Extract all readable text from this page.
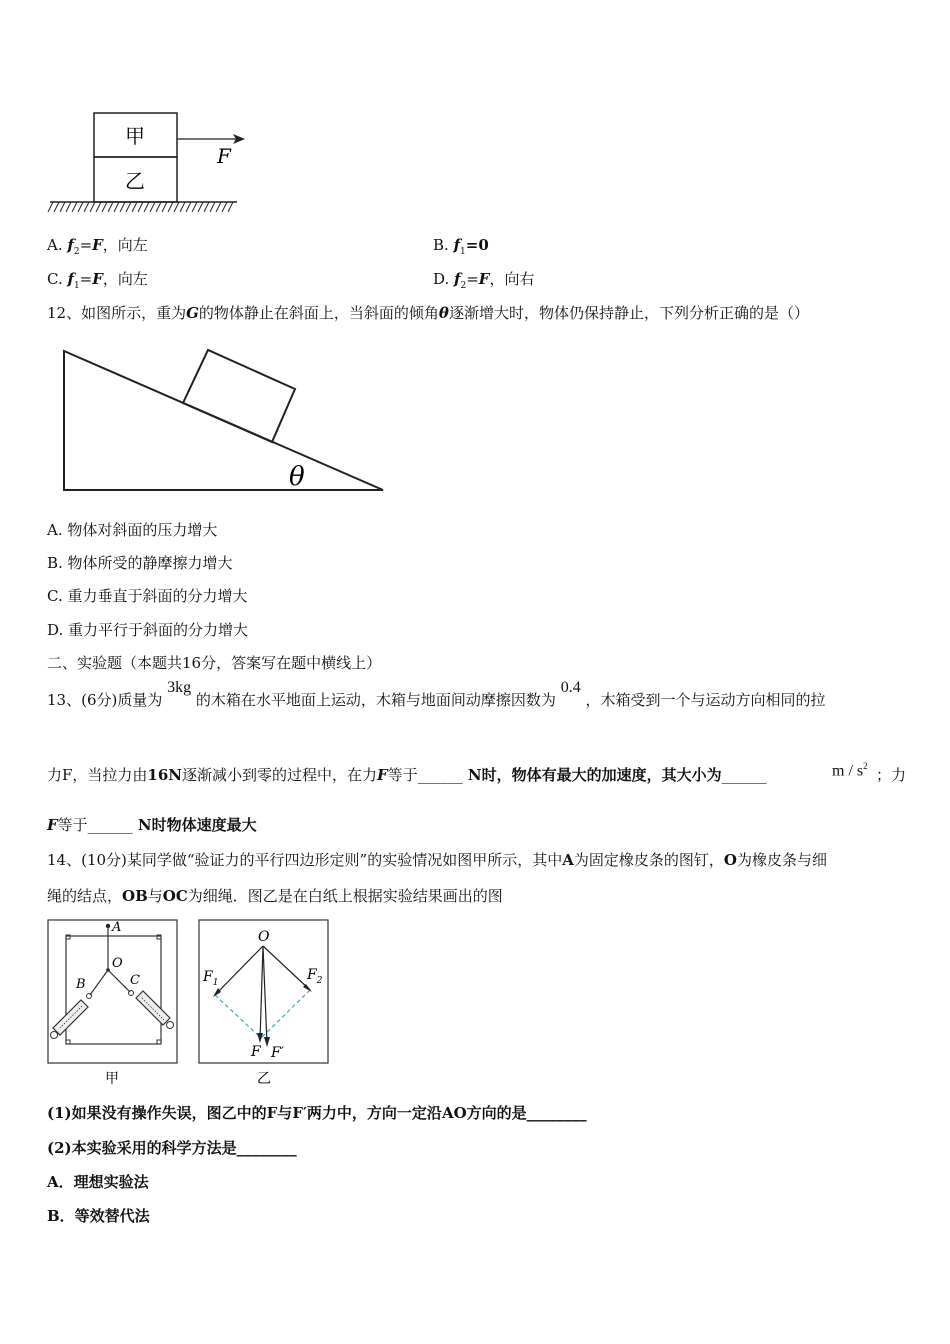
甲
乙
F
A. $f_2=F$，向左	B. $f_1=0$
C. $f_1=F$，向左	D. $f_2=F$，向右
12、如图所示，重为G的物体静止在斜面上，当斜面的倾角θ逐渐增大时，物体仍保持静止，下列分析正确的是（）
θ
A. 物体对斜面的压力增大
B. 物体所受的静摩擦力增大
C. 重力垂直于斜面的分力增大
D. 重力平行于斜面的分力增大
二、实验题（本题共16分，答案写在题中横线上）
13、(6分)质量为 3kg 的木箱在水平地面上运动，木箱与地面间动摩擦因数为 0.4 ，木箱受到一个与运动方向相同的拉
力F，当拉力由16N逐渐减小到零的过程中，在力F等于______ N时，物体有最大的加速度，其大小为______	m / $s^2$ ；力
F等于______ N时物体速度最大
14、(10分)某同学做“验证力的平行四边形定则”的实验情况如图甲所示，其中A为固定橡皮条的图钉，O为橡皮条与细
绳的结点，OB与OC为细绳．图乙是在白纸上根据实验结果画出的图
A
O
B	C
甲
O
$F_1$	$F_2$
F F′
乙
(1)如果没有操作失误，图乙中的F与F′两力中，方向一定沿AO方向的是________
(2)本实验采用的科学方法是________
A．理想实验法
B．等效替代法
